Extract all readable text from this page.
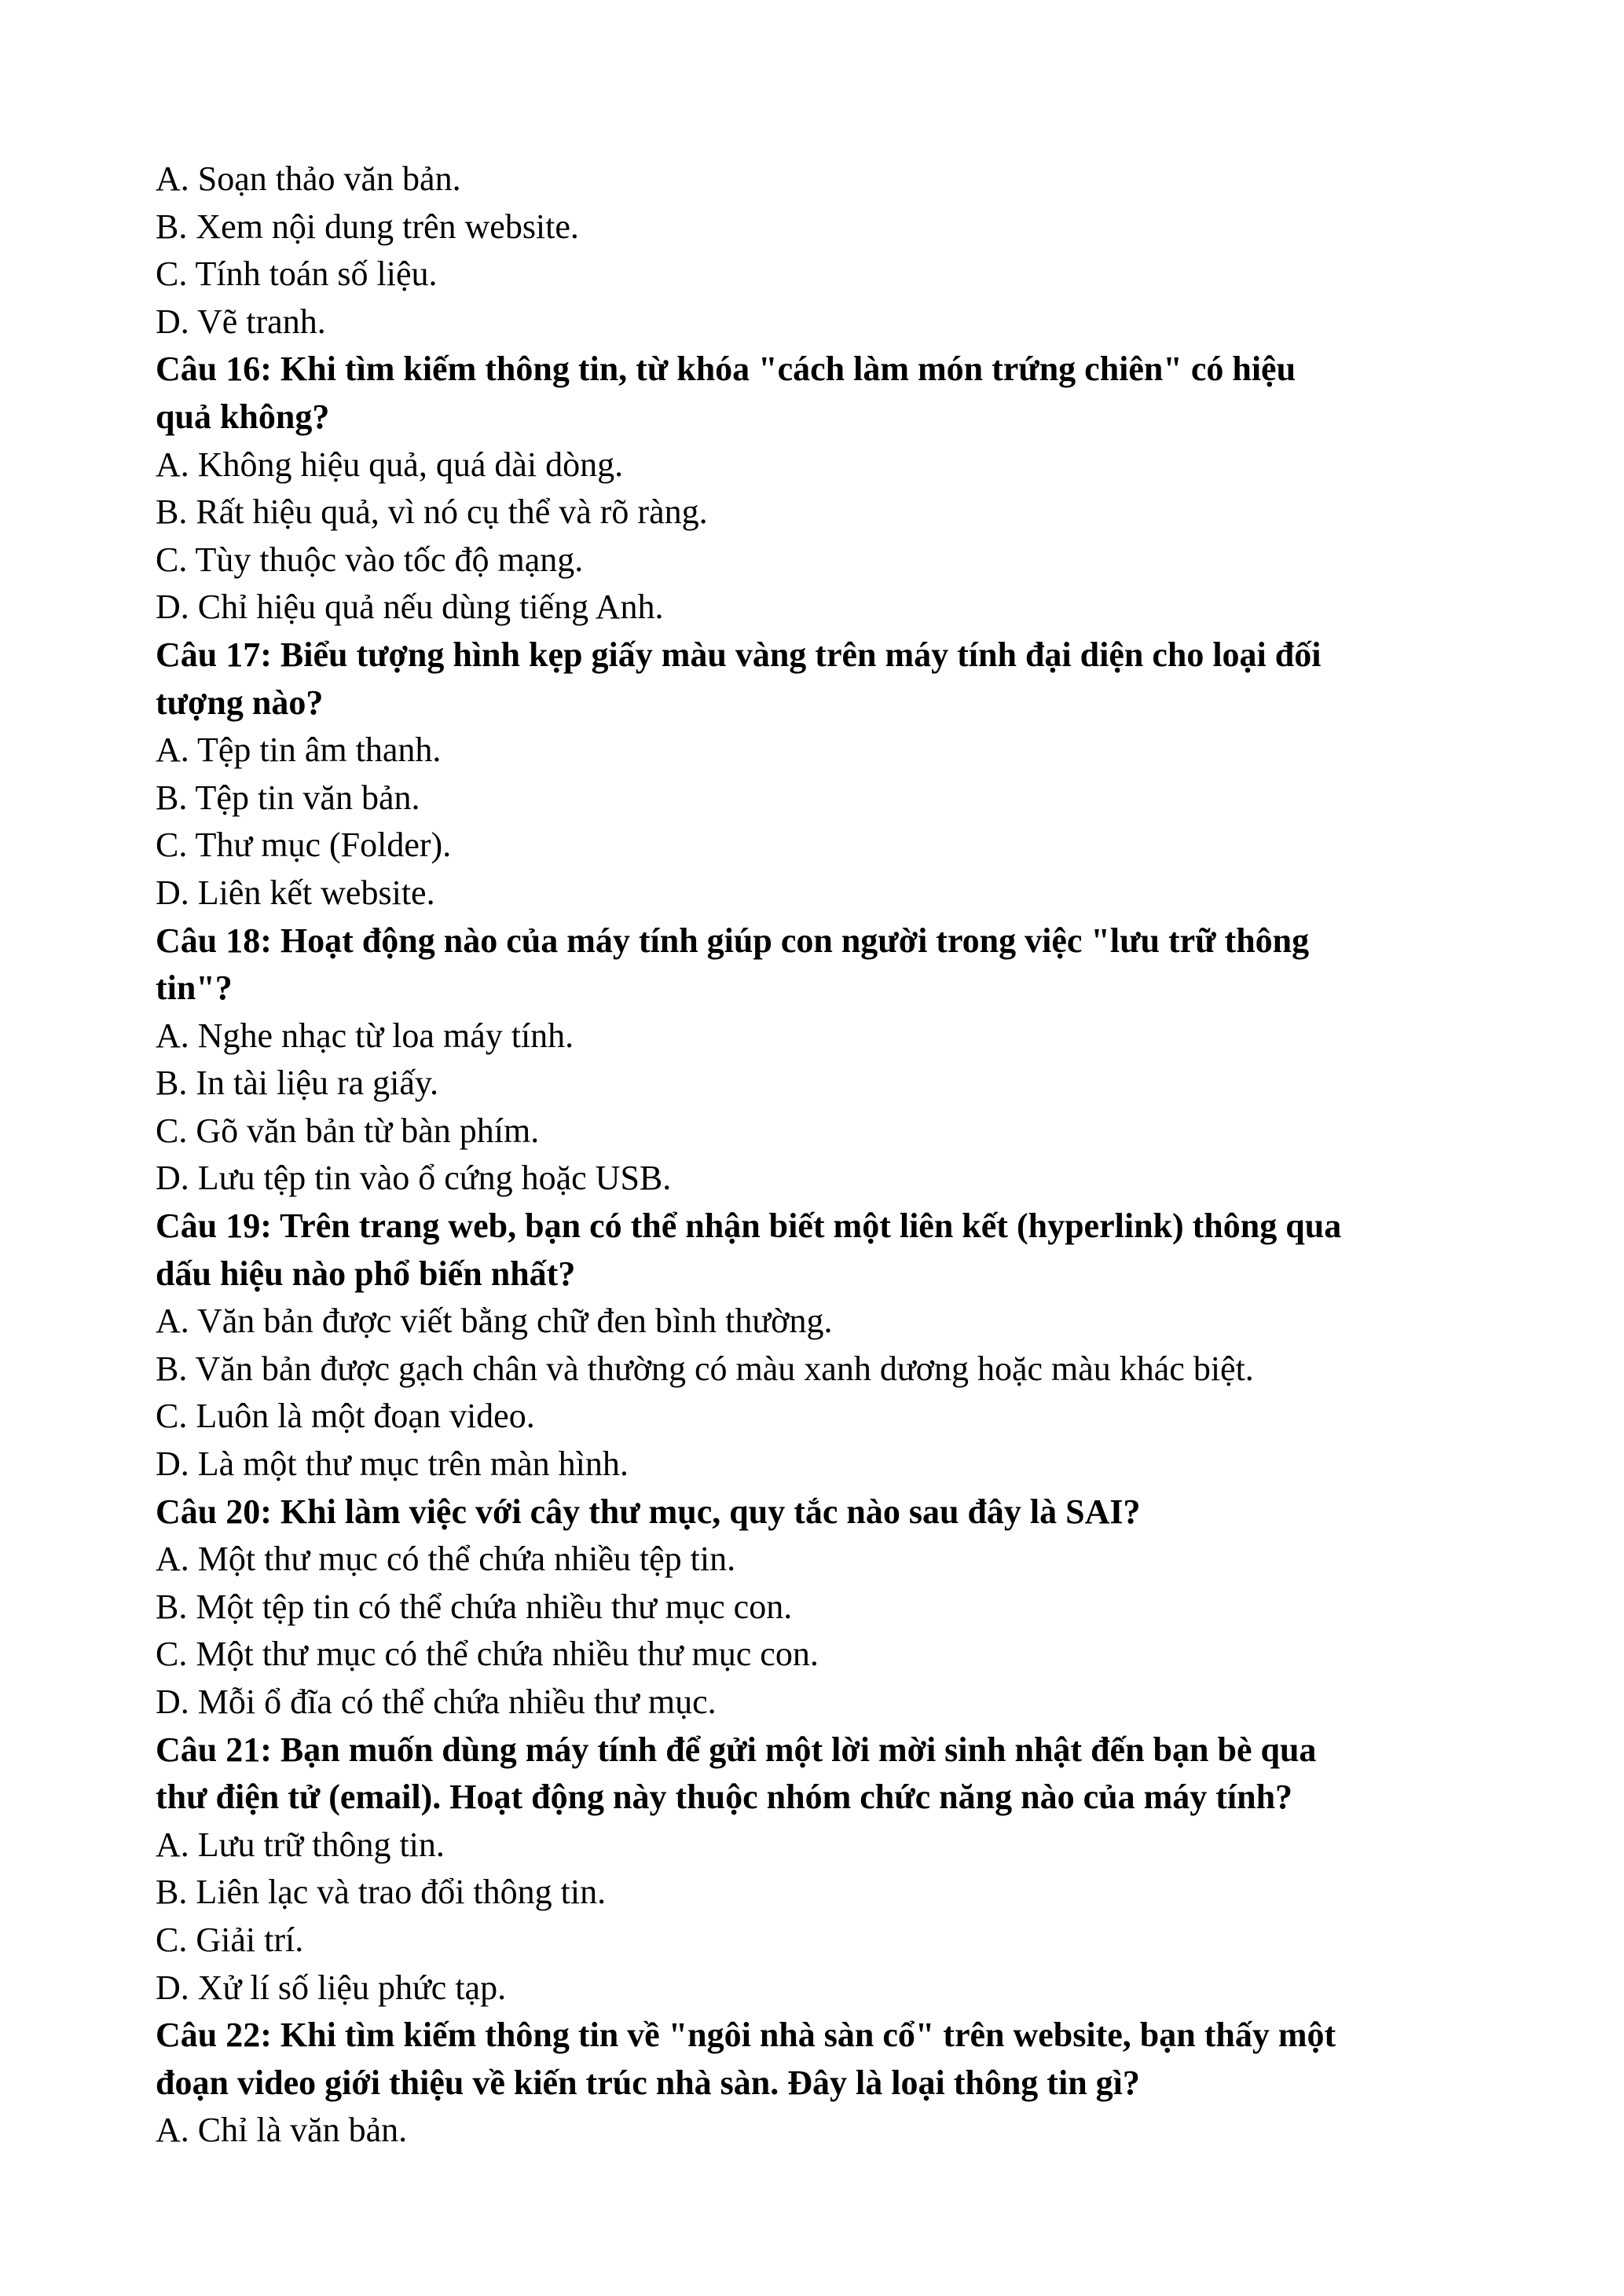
A. Soạn thảo văn bản.
B. Xem nội dung trên website.
C. Tính toán số liệu.
D. Vẽ tranh.
Câu 16: Khi tìm kiếm thông tin, từ khóa "cách làm món trứng chiên" có hiệu
quả không?
A. Không hiệu quả, quá dài dòng.
B. Rất hiệu quả, vì nó cụ thể và rõ ràng.
C. Tùy thuộc vào tốc độ mạng.
D. Chỉ hiệu quả nếu dùng tiếng Anh.
Câu 17: Biểu tượng hình kẹp giấy màu vàng trên máy tính đại diện cho loại đối
tượng nào?
A. Tệp tin âm thanh.
B. Tệp tin văn bản.
C. Thư mục (Folder).
D. Liên kết website.
Câu 18: Hoạt động nào của máy tính giúp con người trong việc "lưu trữ thông
tin"?
A. Nghe nhạc từ loa máy tính.
B. In tài liệu ra giấy.
C. Gõ văn bản từ bàn phím.
D. Lưu tệp tin vào ổ cứng hoặc USB.
Câu 19: Trên trang web, bạn có thể nhận biết một liên kết (hyperlink) thông qua
dấu hiệu nào phổ biến nhất?
A. Văn bản được viết bằng chữ đen bình thường.
B. Văn bản được gạch chân và thường có màu xanh dương hoặc màu khác biệt.
C. Luôn là một đoạn video.
D. Là một thư mục trên màn hình.
Câu 20: Khi làm việc với cây thư mục, quy tắc nào sau đây là SAI?
A. Một thư mục có thể chứa nhiều tệp tin.
B. Một tệp tin có thể chứa nhiều thư mục con.
C. Một thư mục có thể chứa nhiều thư mục con.
D. Mỗi ổ đĩa có thể chứa nhiều thư mục.
Câu 21: Bạn muốn dùng máy tính để gửi một lời mời sinh nhật đến bạn bè qua
thư điện tử (email). Hoạt động này thuộc nhóm chức năng nào của máy tính?
A. Lưu trữ thông tin.
B. Liên lạc và trao đổi thông tin.
C. Giải trí.
D. Xử lí số liệu phức tạp.
Câu 22: Khi tìm kiếm thông tin về "ngôi nhà sàn cổ" trên website, bạn thấy một
đoạn video giới thiệu về kiến trúc nhà sàn. Đây là loại thông tin gì?
A. Chỉ là văn bản.
